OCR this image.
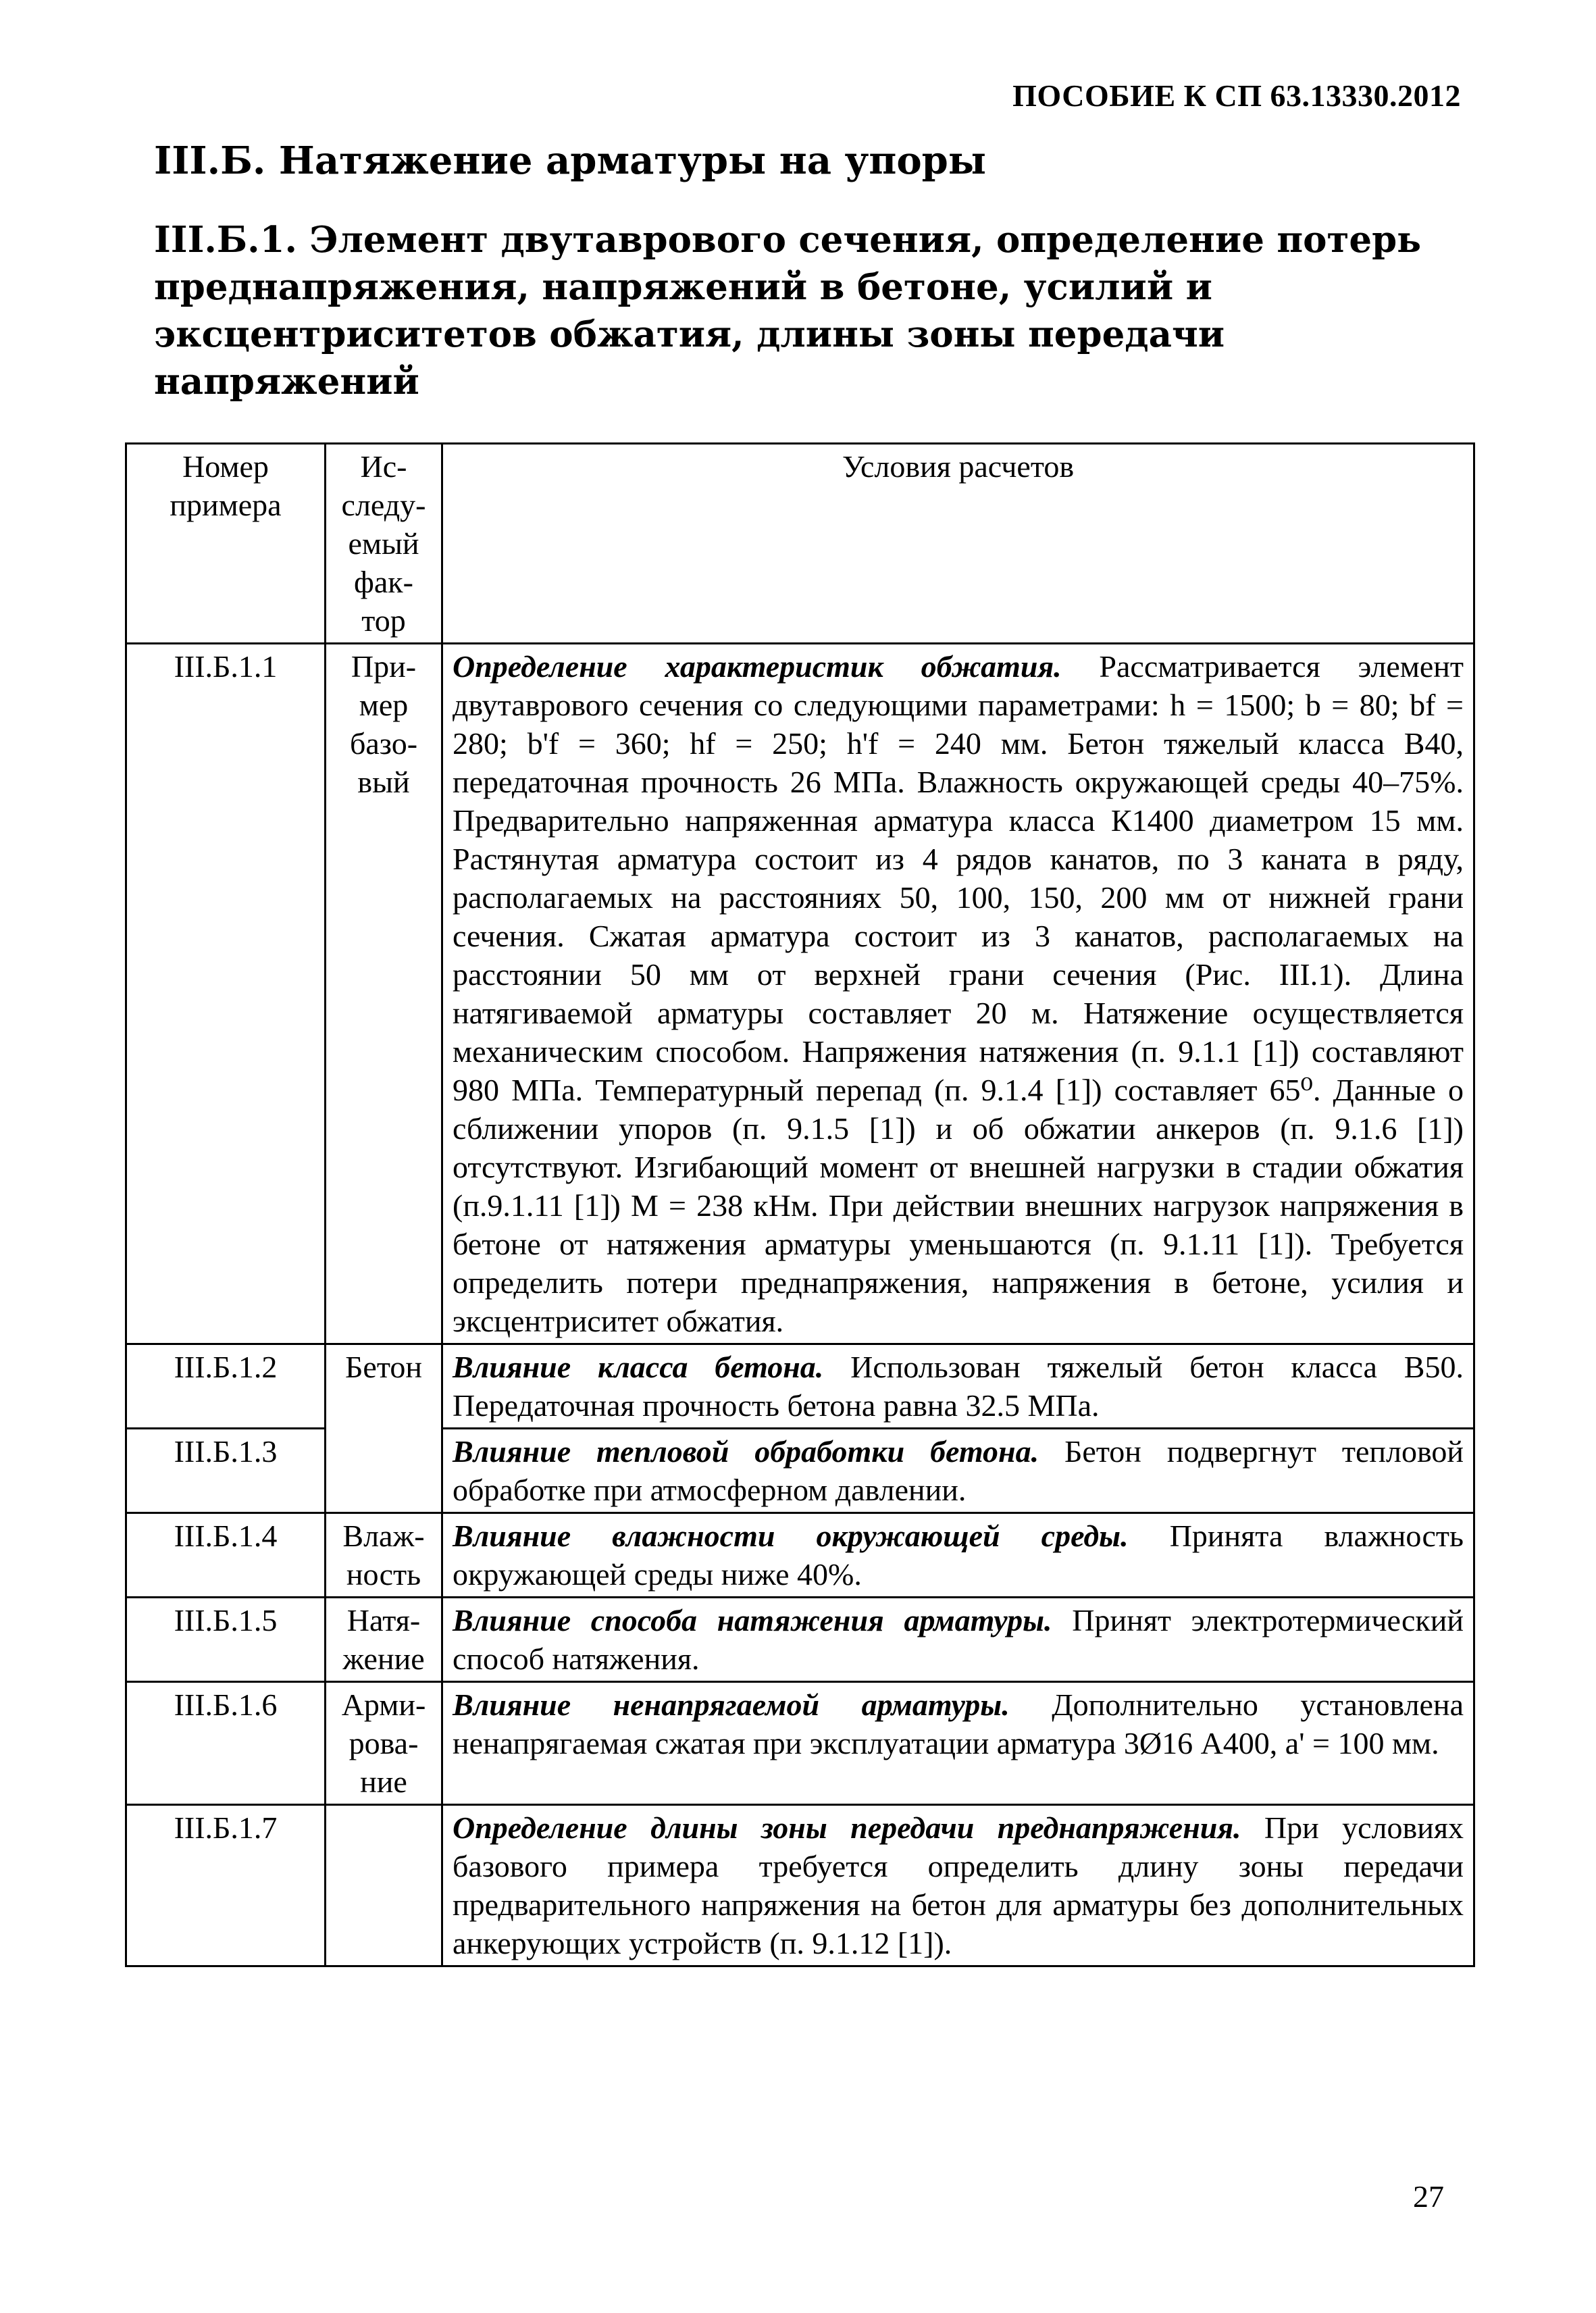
ПОСОБИЕ К СП 63.13330.2012
III.Б. Натяжение арматуры на упоры
III.Б.1. Элемент двутаврового сечения, определение потерь преднапряжения, напряжений в бетоне, усилий и эксцентриситетов обжатия, длины зоны передачи напряжений
Номер примера	Ис-следу-емый фак-тор	Условия расчетов
III.Б.1.1	При-мер базо-вый	Определение характеристик обжатия. Рассматривается элемент двутаврового сечения со следующими параметрами: h = 1500; b = 80; bf = 280; b'f = 360; hf = 250; h'f = 240 мм. Бетон тяжелый класса В40, передаточная прочность 26 МПа. Влажность окружающей среды 40–75%. Предварительно напряженная арматура класса К1400 диаметром 15 мм. Растянутая арматура состоит из 4 рядов канатов, по 3 каната в ряду, располагаемых на расстояниях 50, 100, 150, 200 мм от нижней грани сечения. Сжатая арматура состоит из 3 канатов, располагаемых на расстоянии 50 мм от верхней грани сечения (Рис. III.1). Длина натягиваемой арматуры составляет 20 м. Натяжение осуществляется механическим способом. Напряжения натяжения (п. 9.1.1 [1]) составляют 980 МПа. Температурный перепад (п. 9.1.4 [1]) составляет 65⁰. Данные о сближении упоров (п. 9.1.5 [1]) и об обжатии анкеров (п. 9.1.6 [1]) отсутствуют. Изгибающий момент от внешней нагрузки в стадии обжатия (п.9.1.11 [1]) M = 238 кНм. При действии внешних нагрузок напряжения в бетоне от натяжения арматуры уменьшаются (п. 9.1.11 [1]). Требуется определить потери преднапряжения, напряжения в бетоне, усилия и эксцентриситет обжатия.

III.Б.1.2	Бетон	Влияние класса бетона. Использован тяжелый бетон класса В50. Передаточная прочность бетона равна 32.5 МПа.

III.Б.1.3		Влияние тепловой обработки бетона. Бетон подвергнут тепловой обработке при атмосферном давлении.

III.Б.1.4	Влаж-ность	Влияние влажности окружающей среды. Принята влажность окружающей среды ниже 40%.

III.Б.1.5	Натя-жение	Влияние способа натяжения арматуры. Принят электротермический способ натяжения.

III.Б.1.6	Арми-рова-ние	Влияние ненапрягаемой арматуры. Дополнительно установлена ненапрягаемая сжатая при эксплуатации арматура 3Ø16 А400, a' = 100 мм.

III.Б.1.7		Определение длины зоны передачи преднапряжения. При условиях базового примера требуется определить длину зоны передачи предварительного напряжения на бетон для арматуры без дополнительных анкерующих устройств (п. 9.1.12 [1]).
27
